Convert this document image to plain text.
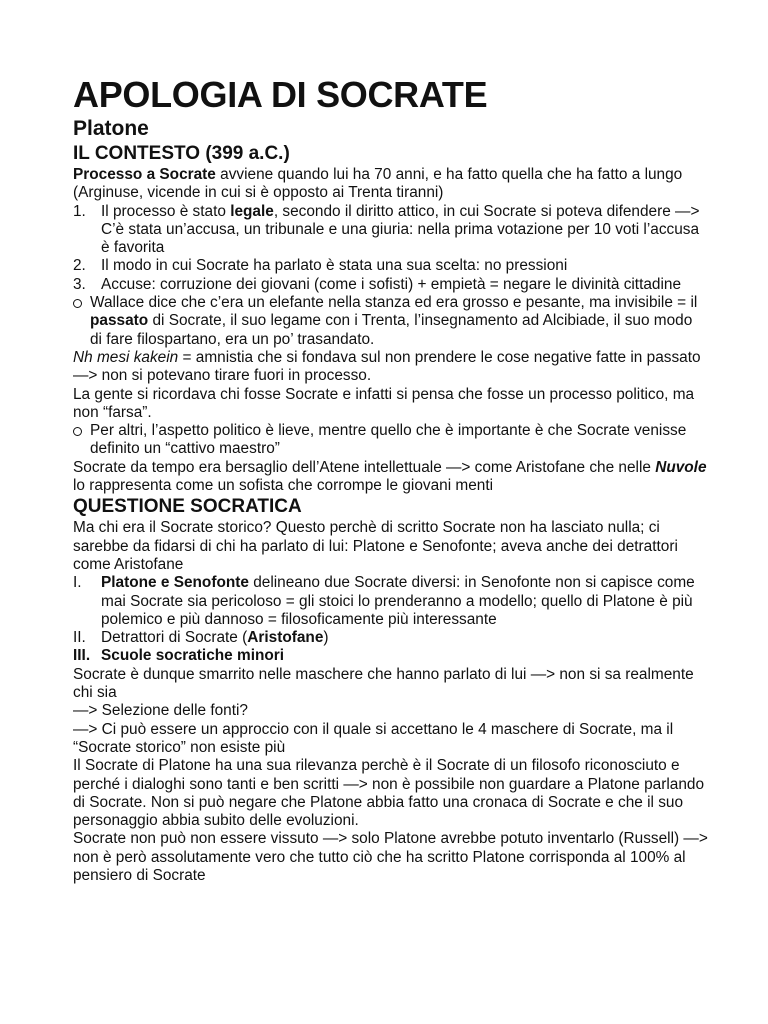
APOLOGIA DI SOCRATE
Platone
IL CONTESTO (399 a.C.)

Processo a Socrate avviene quando lui ha 70 anni, e ha fatto quella che ha fatto a lungo (Arginuse, vicende in cui si è opposto ai Trenta tiranni)

1. Il processo è stato legale, secondo il diritto attico, in cui Socrate si poteva difendere —> C’è stata un’accusa, un tribunale e una giuria: nella prima votazione per 10 voti l’accusa è favorita
2. Il modo in cui Socrate ha parlato è stata una sua scelta: no pressioni
3. Accuse: corruzione dei giovani (come i sofisti) + empietà = negare le divinità cittadine
Wallace dice che c’era un elefante nella stanza ed era grosso e pesante, ma invisibile = il passato di Socrate, il suo legame con i Trenta, l’insegnamento ad Alcibiade, il suo modo di fare filospartano, era un po’ trasandato.

Nh mesi kakein = amnistia che si fondava sul non prendere le cose negative fatte in passato —> non si potevano tirare fuori in processo.

La gente si ricordava chi fosse Socrate e infatti si pensa che fosse un processo politico, ma non “farsa”.

Per altri, l’aspetto politico è lieve, mentre quello che è importante è che Socrate venisse definito un “cattivo maestro”

Socrate da tempo era bersaglio dell’Atene intellettuale —> come Aristofane che nelle Nuvole lo rappresenta come un sofista che corrompe le giovani menti

QUESTIONE SOCRATICA

Ma chi era il Socrate storico? Questo perchè di scritto Socrate non ha lasciato nulla; ci sarebbe da fidarsi di chi ha parlato di lui: Platone e Senofonte; aveva anche dei detrattori come Aristofane

I. Platone e Senofonte delineano due Socrate diversi: in Senofonte non si capisce come mai Socrate sia pericoloso = gli stoici lo prenderanno a modello; quello di Platone è più polemico e più dannoso = filosoficamente più interessante
II. Detrattori di Socrate (Aristofane)
III. Scuole socratiche minori

Socrate è dunque smarrito nelle maschere che hanno parlato di lui —> non si sa realmente chi sia

—> Selezione delle fonti?

—> Ci può essere un approccio con il quale si accettano le 4 maschere di Socrate, ma il “Socrate storico” non esiste più

Il Socrate di Platone ha una sua rilevanza perchè è il Socrate di un filosofo riconosciuto e perché i dialoghi sono tanti e ben scritti —> non è possibile non guardare a Platone parlando di Socrate. Non si può negare che Platone abbia fatto una cronaca di Socrate e che il suo personaggio abbia subito delle evoluzioni.

Socrate non può non essere vissuto —> solo Platone avrebbe potuto inventarlo (Russell) —> non è però assolutamente vero che tutto ciò che ha scritto Platone corrisponda al 100% al pensiero di Socrate
